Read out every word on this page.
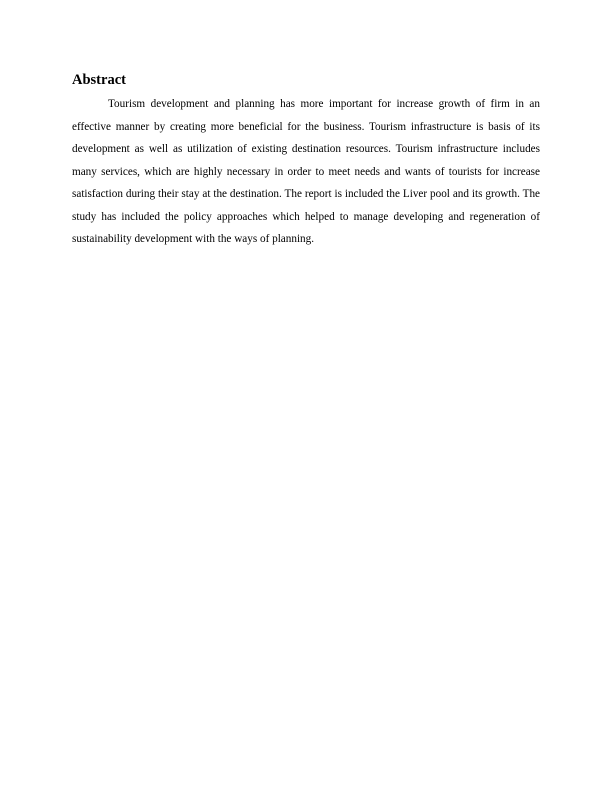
Abstract

Tourism development and planning has more important for increase growth of firm in an effective manner by creating more beneficial for the business. Tourism infrastructure is basis of its development as well as utilization of existing destination resources. Tourism infrastructure includes many services, which are highly necessary in order to meet needs and wants of tourists for increase satisfaction during their stay at the destination. The report is included the Liver pool and its growth. The study has included the policy approaches which helped to manage developing and regeneration of sustainability development with the ways of planning.
